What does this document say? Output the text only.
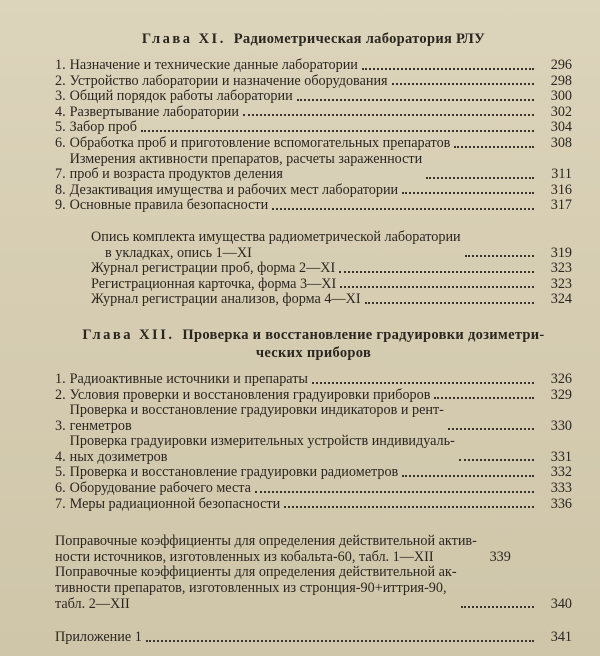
Глава XI. Радиометрическая лаборатория РЛУ
1. Назначение и технические данные лаборатории	296
2. Устройство лаборатории и назначение оборудования	298
3. Общий порядок работы лаборатории	300
4. Развертывание лаборатории	302
5. Забор проб	304
6. Обработка проб и приготовление вспомогательных препаратов	308
7.
Измерения активности препаратов, расчеты зараженности
проб и возраста продуктов деления	311
8. Дезактивация имущества и рабочих мест лаборатории	316
9. Основные правила безопасности	317
Опись комплекта имущества радиометрической лаборатории
в укладках, опись 1—XI	319
Журнал регистрации проб, форма 2—XI	323
Регистрационная карточка, форма 3—XI	323
Журнал регистрации анализов, форма 4—XI	324
Глава XII. Проверка и восстановление градуировки дозиметри-
ческих приборов
1. Радиоактивные источники и препараты	326
2. Условия проверки и восстановления градуировки приборов	329
3.
Проверка и восстановление градуировки индикаторов и рент-
генметров	330
4.
Проверка градуировки измерительных устройств индивидуаль-
ных дозиметров	331
5. Проверка и восстановление градуировки радиометров	332
6. Оборудование рабочего места	333
7. Меры радиационной безопасности	336
Поправочные коэффициенты для определения действительной актив-
ности источников, изготовленных из кобальта-60, табл. 1—XII	339
Поправочные коэффициенты для определения действительной ак-
тивности препаратов, изготовленных из стронция-90+иттрия-90,
табл. 2—XII	340
Приложение 1	341
